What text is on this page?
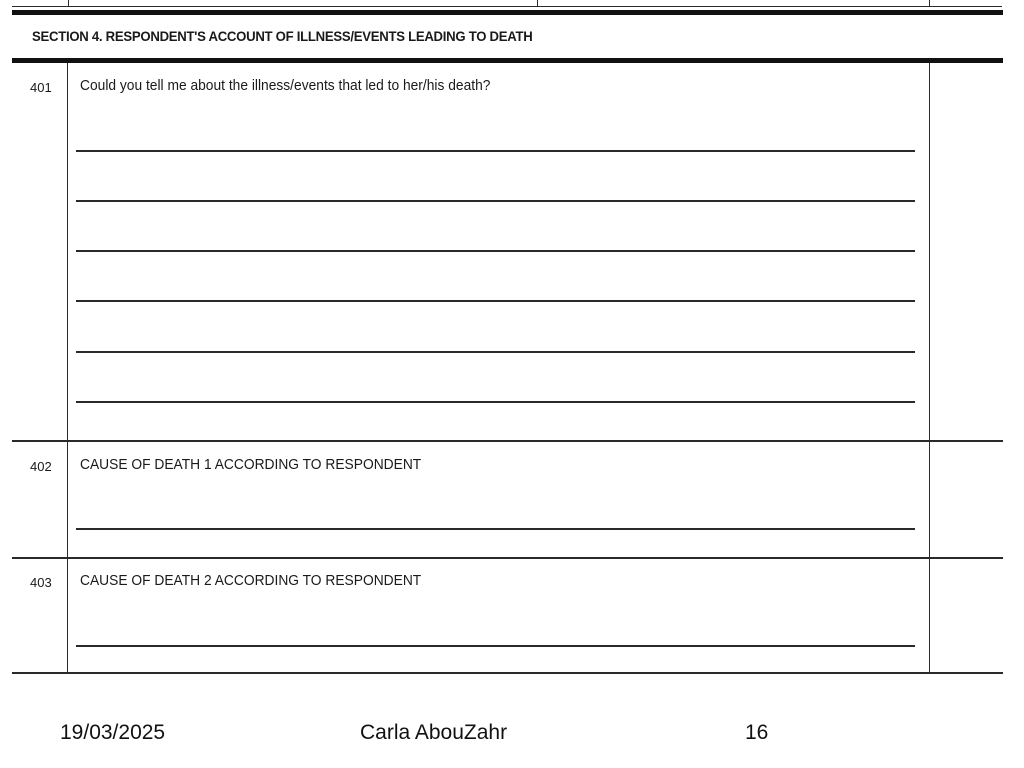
SECTION 4. RESPONDENT'S ACCOUNT OF ILLNESS/EVENTS LEADING TO DEATH
401 Could you tell me about the illness/events that led to her/his death?
402 CAUSE OF DEATH 1 ACCORDING TO RESPONDENT
403 CAUSE OF DEATH 2 ACCORDING TO RESPONDENT
19/03/2025	Carla AbouZahr	16
